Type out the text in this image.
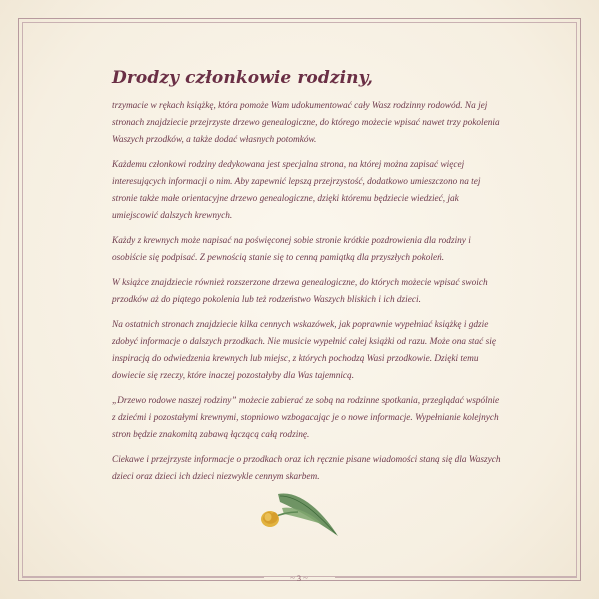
Drodzy członkowie rodziny,

trzymacie w rękach książkę, która pomoże Wam udokumentować cały Wasz rodzinny rodowód. Na jej stronach znajdziecie przejrzyste drzewo genealogiczne, do którego możecie wpisać nawet trzy pokolenia Waszych przodków, a także dodać własnych potomków.

Każdemu członkowi rodziny dedykowana jest specjalna strona, na której można zapisać więcej interesujących informacji o nim. Aby zapewnić lepszą przejrzystość, dodatkowo umieszczono na tej stronie także małe orientacyjne drzewo genealogiczne, dzięki któremu będziecie wiedzieć, jak umiejscowić dalszych krewnych.

Każdy z krewnych może napisać na poświęconej sobie stronie krótkie pozdrowienia dla rodziny i osobiście się podpisać. Z pewnością stanie się to cenną pamiątką dla przyszłych pokoleń.

W książce znajdziecie również rozszerzone drzewa genealogiczne, do których możecie wpisać swoich przodków aż do piątego pokolenia lub też rodzeństwo Waszych bliskich i ich dzieci.

Na ostatnich stronach znajdziecie kilka cennych wskazówek, jak poprawnie wypełniać książkę i gdzie zdobyć informacje o dalszych przodkach. Nie musicie wypełnić całej książki od razu. Może ona stać się inspiracją do odwiedzenia krewnych lub miejsc, z których pochodzą Wasi przodkowie. Dzięki temu dowiecie się rzeczy, które inaczej pozostałyby dla Was tajemnicą.

„Drzewo rodowe naszej rodziny” możecie zabierać ze sobą na rodzinne spotkania, przeglądać wspólnie z dziećmi i pozostałymi krewnymi, stopniowo wzbogacając je o nowe informacje. Wypełnianie kolejnych stron będzie znakomitą zabawą łączącą całą rodzinę.

Ciekawe i przejrzyste informacje o przodkach oraz ich ręcznie pisane wiadomości staną się dla Waszych dzieci oraz dzieci ich dzieci niezwykle cennym skarbem.

~ 3 ~
